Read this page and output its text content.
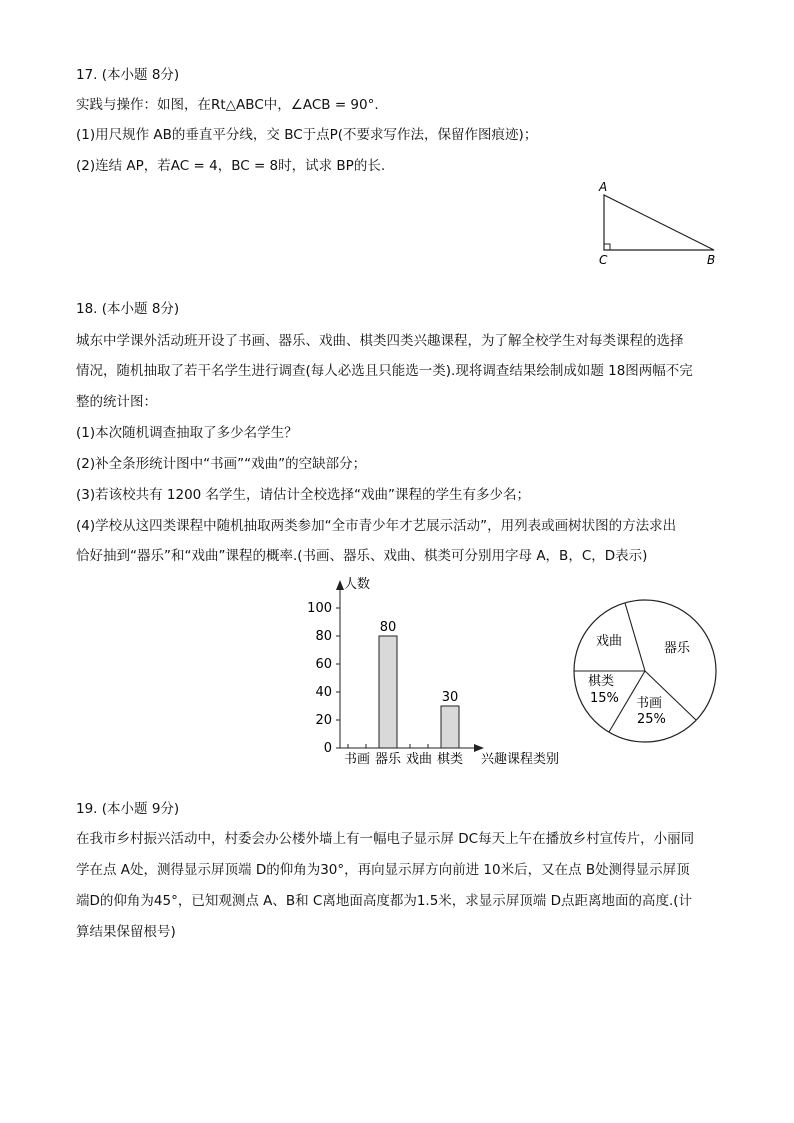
17. (本小题 8分)
实践与操作：如图，在Rt△ABC中，∠ACB = 90°.
(1)用尺规作 AB的垂直平分线，交 BC于点P(不要求写作法，保留作图痕迹)；
(2)连结 AP，若AC = 4，BC = 8时，试求 BP的长.
A
C	B
18. (本小题 8分)
城东中学课外活动班开设了书画、器乐、戏曲、棋类四类兴趣课程，为了解全校学生对每类课程的选择
情况，随机抽取了若干名学生进行调查(每人必选且只能选一类).现将调查结果绘制成如题 18图两幅不完
整的统计图：
(1)本次随机调查抽取了多少名学生？
(2)补全条形统计图中“书画”“戏曲”的空缺部分；
(3)若该校共有 1200 名学生，请估计全校选择“戏曲”课程的学生有多少名；
(4)学校从这四类课程中随机抽取两类参加“全市青少年才艺展示活动”，用列表或画树状图的方法求出
恰好抽到“器乐”和“戏曲”课程的概率.(书画、器乐、戏曲、棋类可分别用字母 A，B，C，D表示)
人数
兴趣课程类别
0
20
40
60
80
100
80
30
书画 器乐 戏曲 棋类
戏曲	器乐
棋类
15% 书画
25%
19. (本小题 9分)
在我市乡村振兴活动中，村委会办公楼外墙上有一幅电子显示屏 DC每天上午在播放乡村宣传片，小丽同
学在点 A处，测得显示屏顶端 D的仰角为30°，再向显示屏方向前进 10米后，又在点 B处测得显示屏顶
端D的仰角为45°，已知观测点 A、B和 C离地面高度都为1.5米，求显示屏顶端 D点距离地面的高度.(计
算结果保留根号)
